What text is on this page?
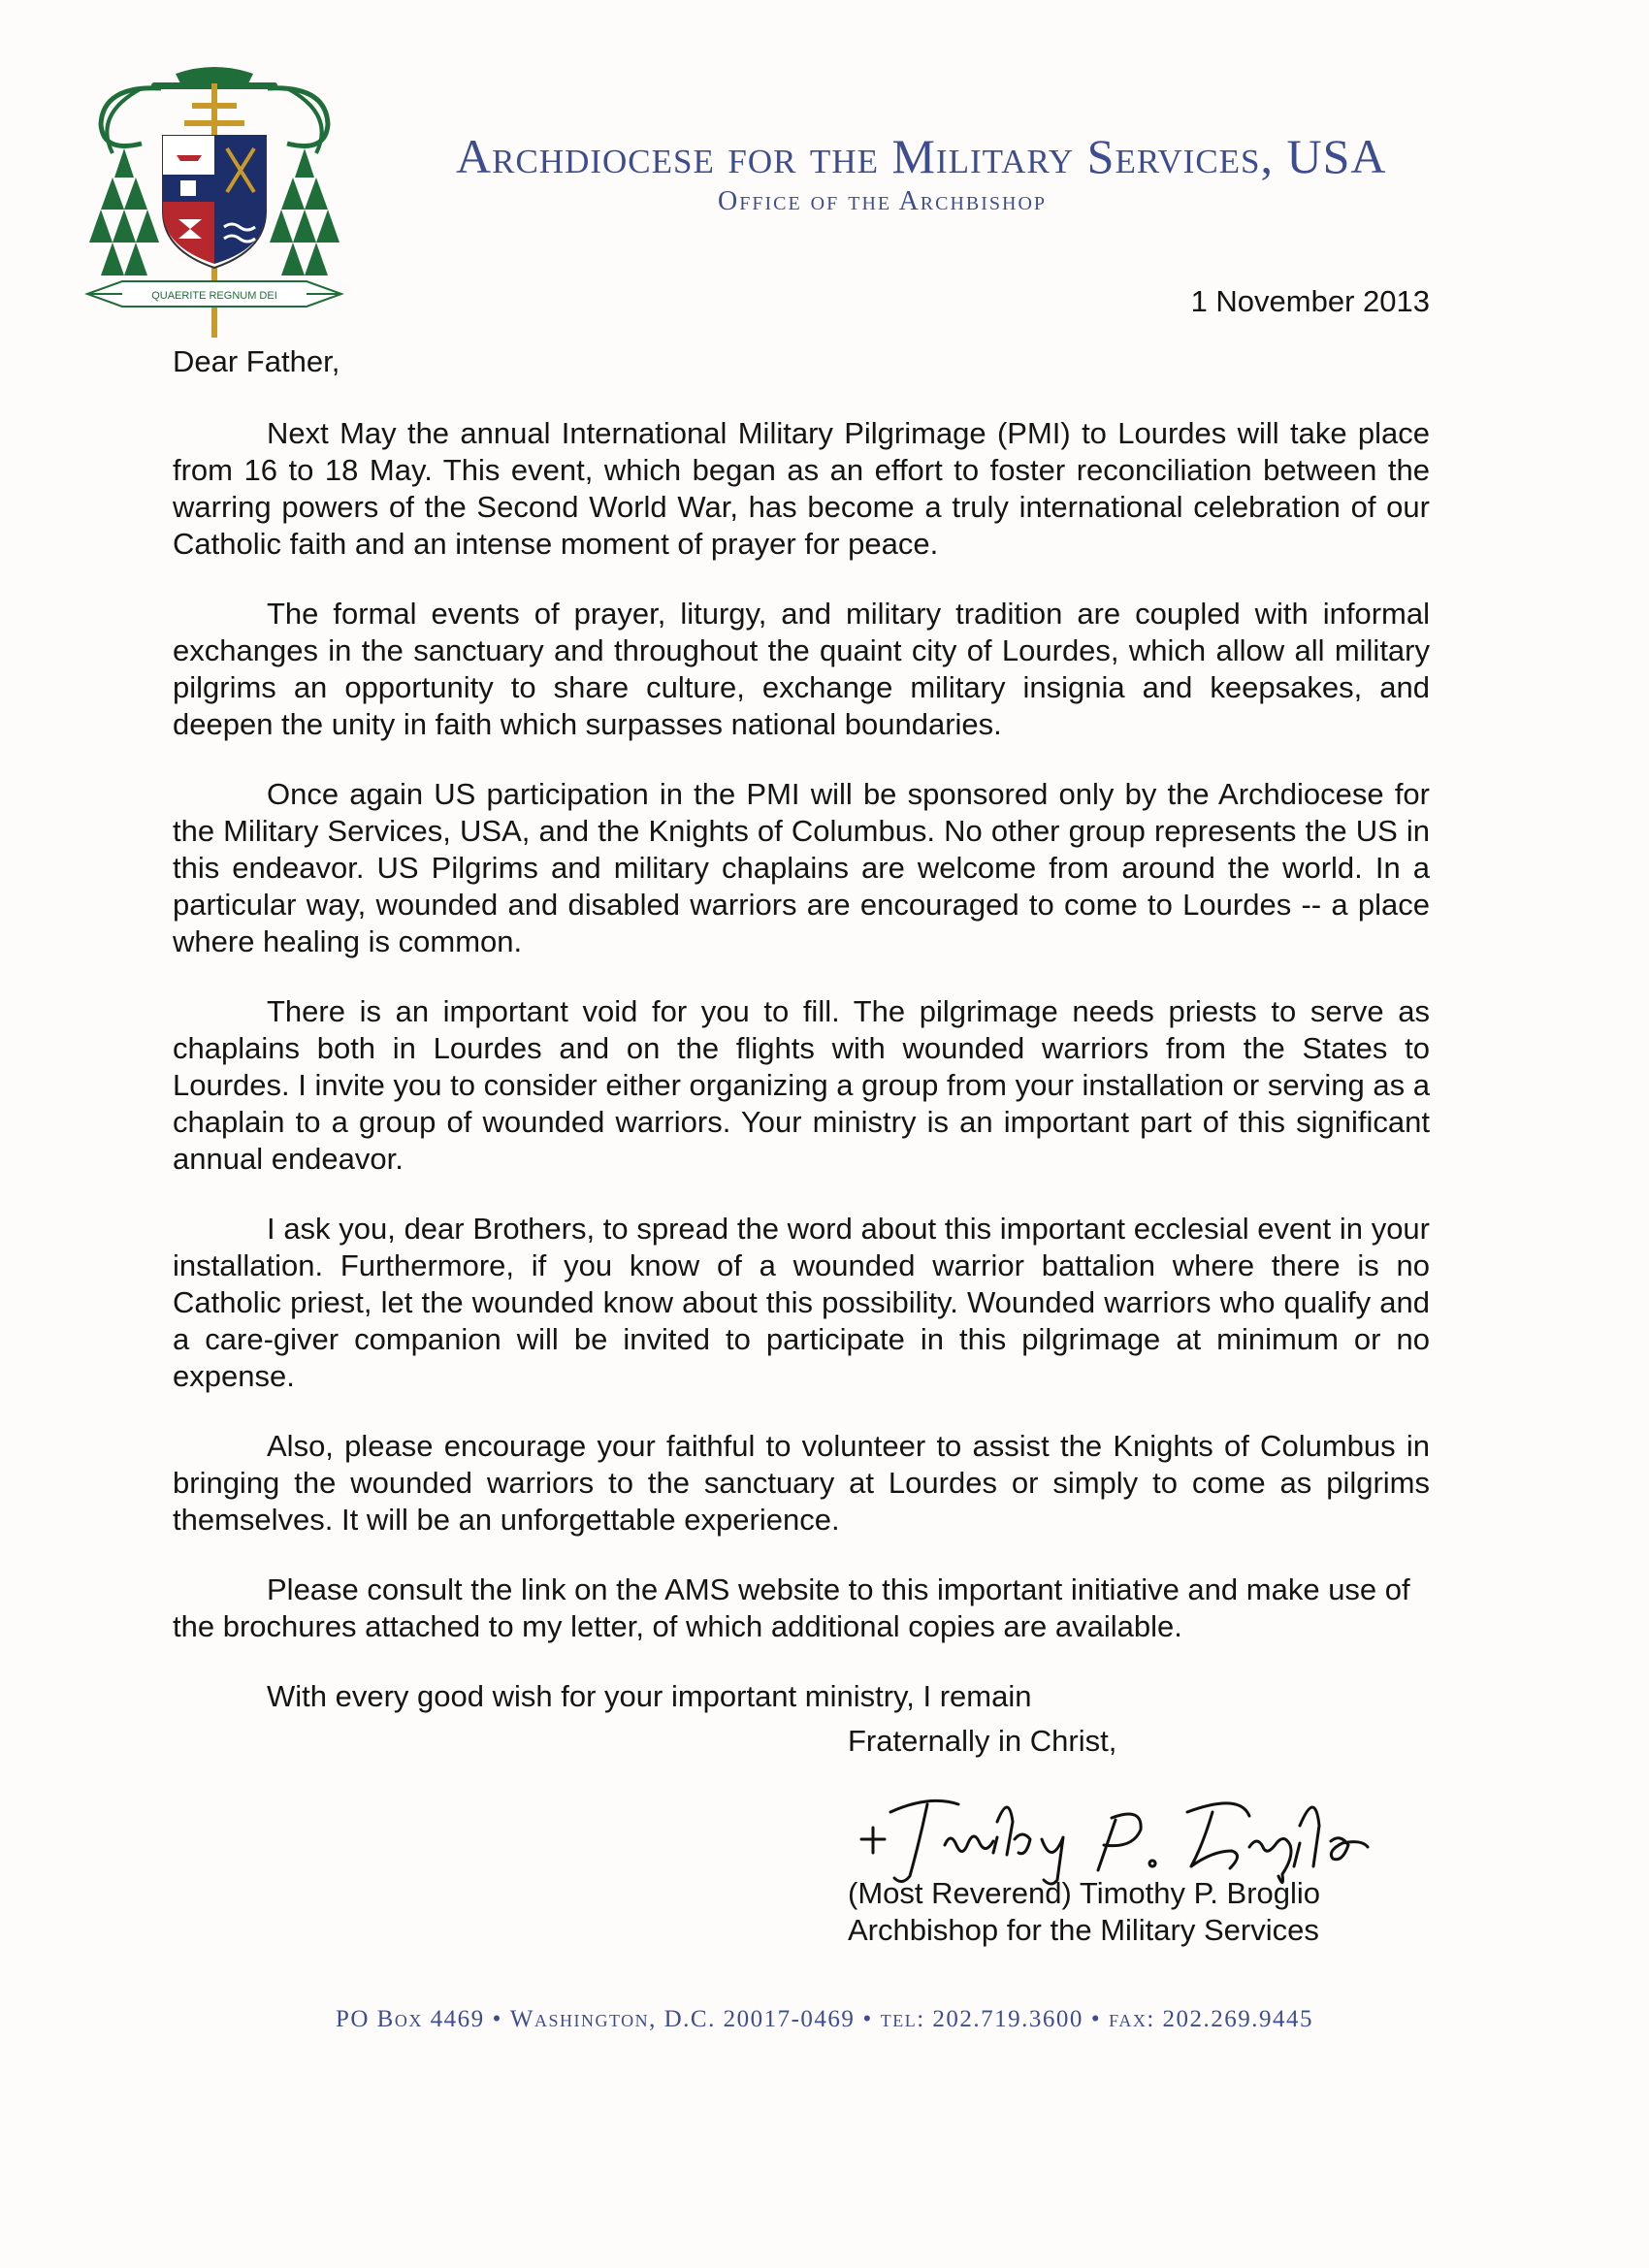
QUAERITE REGNUM DEI
Archdiocese for the Military Services, USA
Office of the Archbishop
1 November 2013
Dear Father,

Next May the annual International Military Pilgrimage (PMI) to Lourdes will take place from 16 to 18 May. This event, which began as an effort to foster reconciliation between the warring powers of the Second World War, has become a truly international celebration of our Catholic faith and an intense moment of prayer for peace.

The formal events of prayer, liturgy, and military tradition are coupled with informal exchanges in the sanctuary and throughout the quaint city of Lourdes, which allow all military pilgrims an opportunity to share culture, exchange military insignia and keepsakes, and deepen the unity in faith which surpasses national boundaries.

Once again US participation in the PMI will be sponsored only by the Archdiocese for the Military Services, USA, and the Knights of Columbus. No other group represents the US in this endeavor. US Pilgrims and military chaplains are welcome from around the world. In a particular way, wounded and disabled warriors are encouraged to come to Lourdes -- a place where healing is common.

There is an important void for you to fill. The pilgrimage needs priests to serve as chaplains both in Lourdes and on the flights with wounded warriors from the States to Lourdes. I invite you to consider either organizing a group from your installation or serving as a chaplain to a group of wounded warriors. Your ministry is an important part of this significant annual endeavor.

I ask you, dear Brothers, to spread the word about this important ecclesial event in your installation. Furthermore, if you know of a wounded warrior battalion where there is no Catholic priest, let the wounded know about this possibility. Wounded warriors who qualify and a care-giver companion will be invited to participate in this pilgrimage at minimum or no expense.

Also, please encourage your faithful to volunteer to assist the Knights of Columbus in bringing the wounded warriors to the sanctuary at Lourdes or simply to come as pilgrims themselves. It will be an unforgettable experience.

Please consult the link on the AMS website to this important initiative and make use of the brochures attached to my letter, of which additional copies are available.

With every good wish for your important ministry, I remain

Fraternally in Christ,
(Most Reverend) Timothy P. Broglio
Archbishop for the Military Services
PO Box 4469 • Washington, D.C. 20017-0469 • tel: 202.719.3600 • fax: 202.269.9445
